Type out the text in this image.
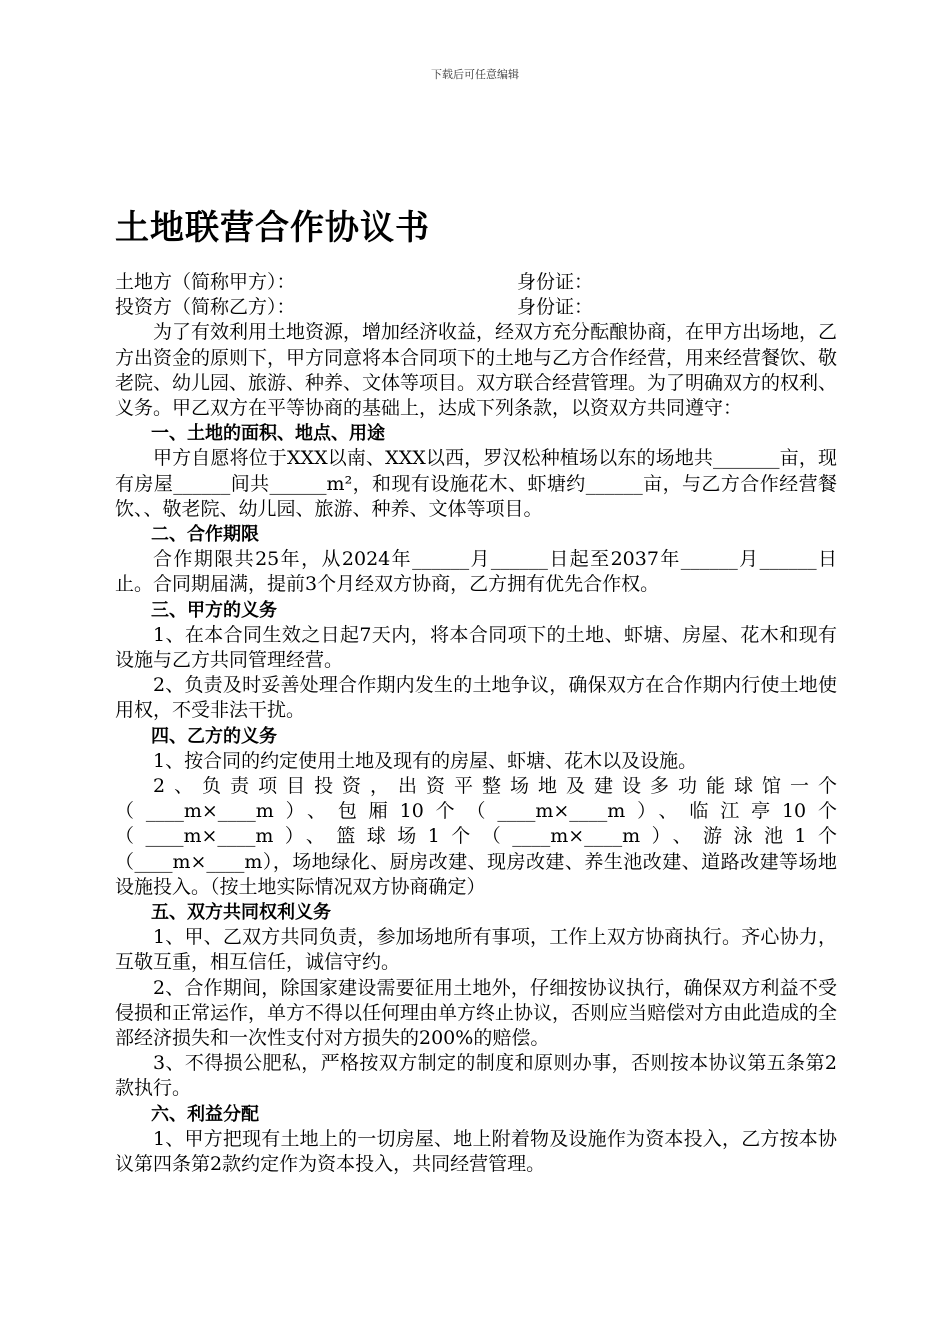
下载后可任意编辑
土地联营合作协议书
土地方（简称甲方）：	身份证：
投资方（简称乙方）：	身份证：

为了有效利用土地资源，增加经济收益，经双方充分酝酿协商，在甲方出场地，乙方出资金的原则下，甲方同意将本合同项下的土地与乙方合作经营，用来经营餐饮、敬老院、幼儿园、旅游、种养、文体等项目。双方联合经营管理。为了明确双方的权利、义务。甲乙双方在平等协商的基础上，达成下列条款，以资双方共同遵守：

一、土地的面积、地点、用途

甲方自愿将位于XXX以南、XXX以西，罗汉松种植场以东的场地共_______亩，现有房屋______间共______m²，和现有设施花木、虾塘约______亩，与乙方合作经营餐饮、、敬老院、幼儿园、旅游、种养、文体等项目。

二、合作期限

合作期限共25年，从2024年______月______日起至2037年______月______日止。合同期届满，提前3个月经双方协商，乙方拥有优先合作权。

三、甲方的义务

1、在本合同生效之日起7天内，将本合同项下的土地、虾塘、房屋、花木和现有设施与乙方共同管理经营。

2、负责及时妥善处理合作期内发生的土地争议，确保双方在合作期内行使土地使用权，不受非法干扰。

四、乙方的义务

1、按合同的约定使用土地及现有的房屋、虾塘、花木以及设施。

2、负责项目投资，出资平整场地及建设多功能球馆一个

（____m×____m）、包厢10个（____m×____m）、临江亭10个

（____m×____m）、篮球场1个（____m×____m）、游泳池1个

（____m×____m），场地绿化、厨房改建、现房改建、养生池改建、道路改建等场地设施投入。（按土地实际情况双方协商确定）

五、双方共同权利义务

1、甲、乙双方共同负责，参加场地所有事项，工作上双方协商执行。齐心协力，互敬互重，相互信任，诚信守约。

2、合作期间，除国家建设需要征用土地外，仔细按协议执行，确保双方利益不受侵损和正常运作，单方不得以任何理由单方终止协议，否则应当赔偿对方由此造成的全部经济损失和一次性支付对方损失的200%的赔偿。

3、不得损公肥私，严格按双方制定的制度和原则办事，否则按本协议第五条第2款执行。

六、利益分配

1、甲方把现有土地上的一切房屋、地上附着物及设施作为资本投入，乙方按本协议第四条第2款约定作为资本投入，共同经营管理。
